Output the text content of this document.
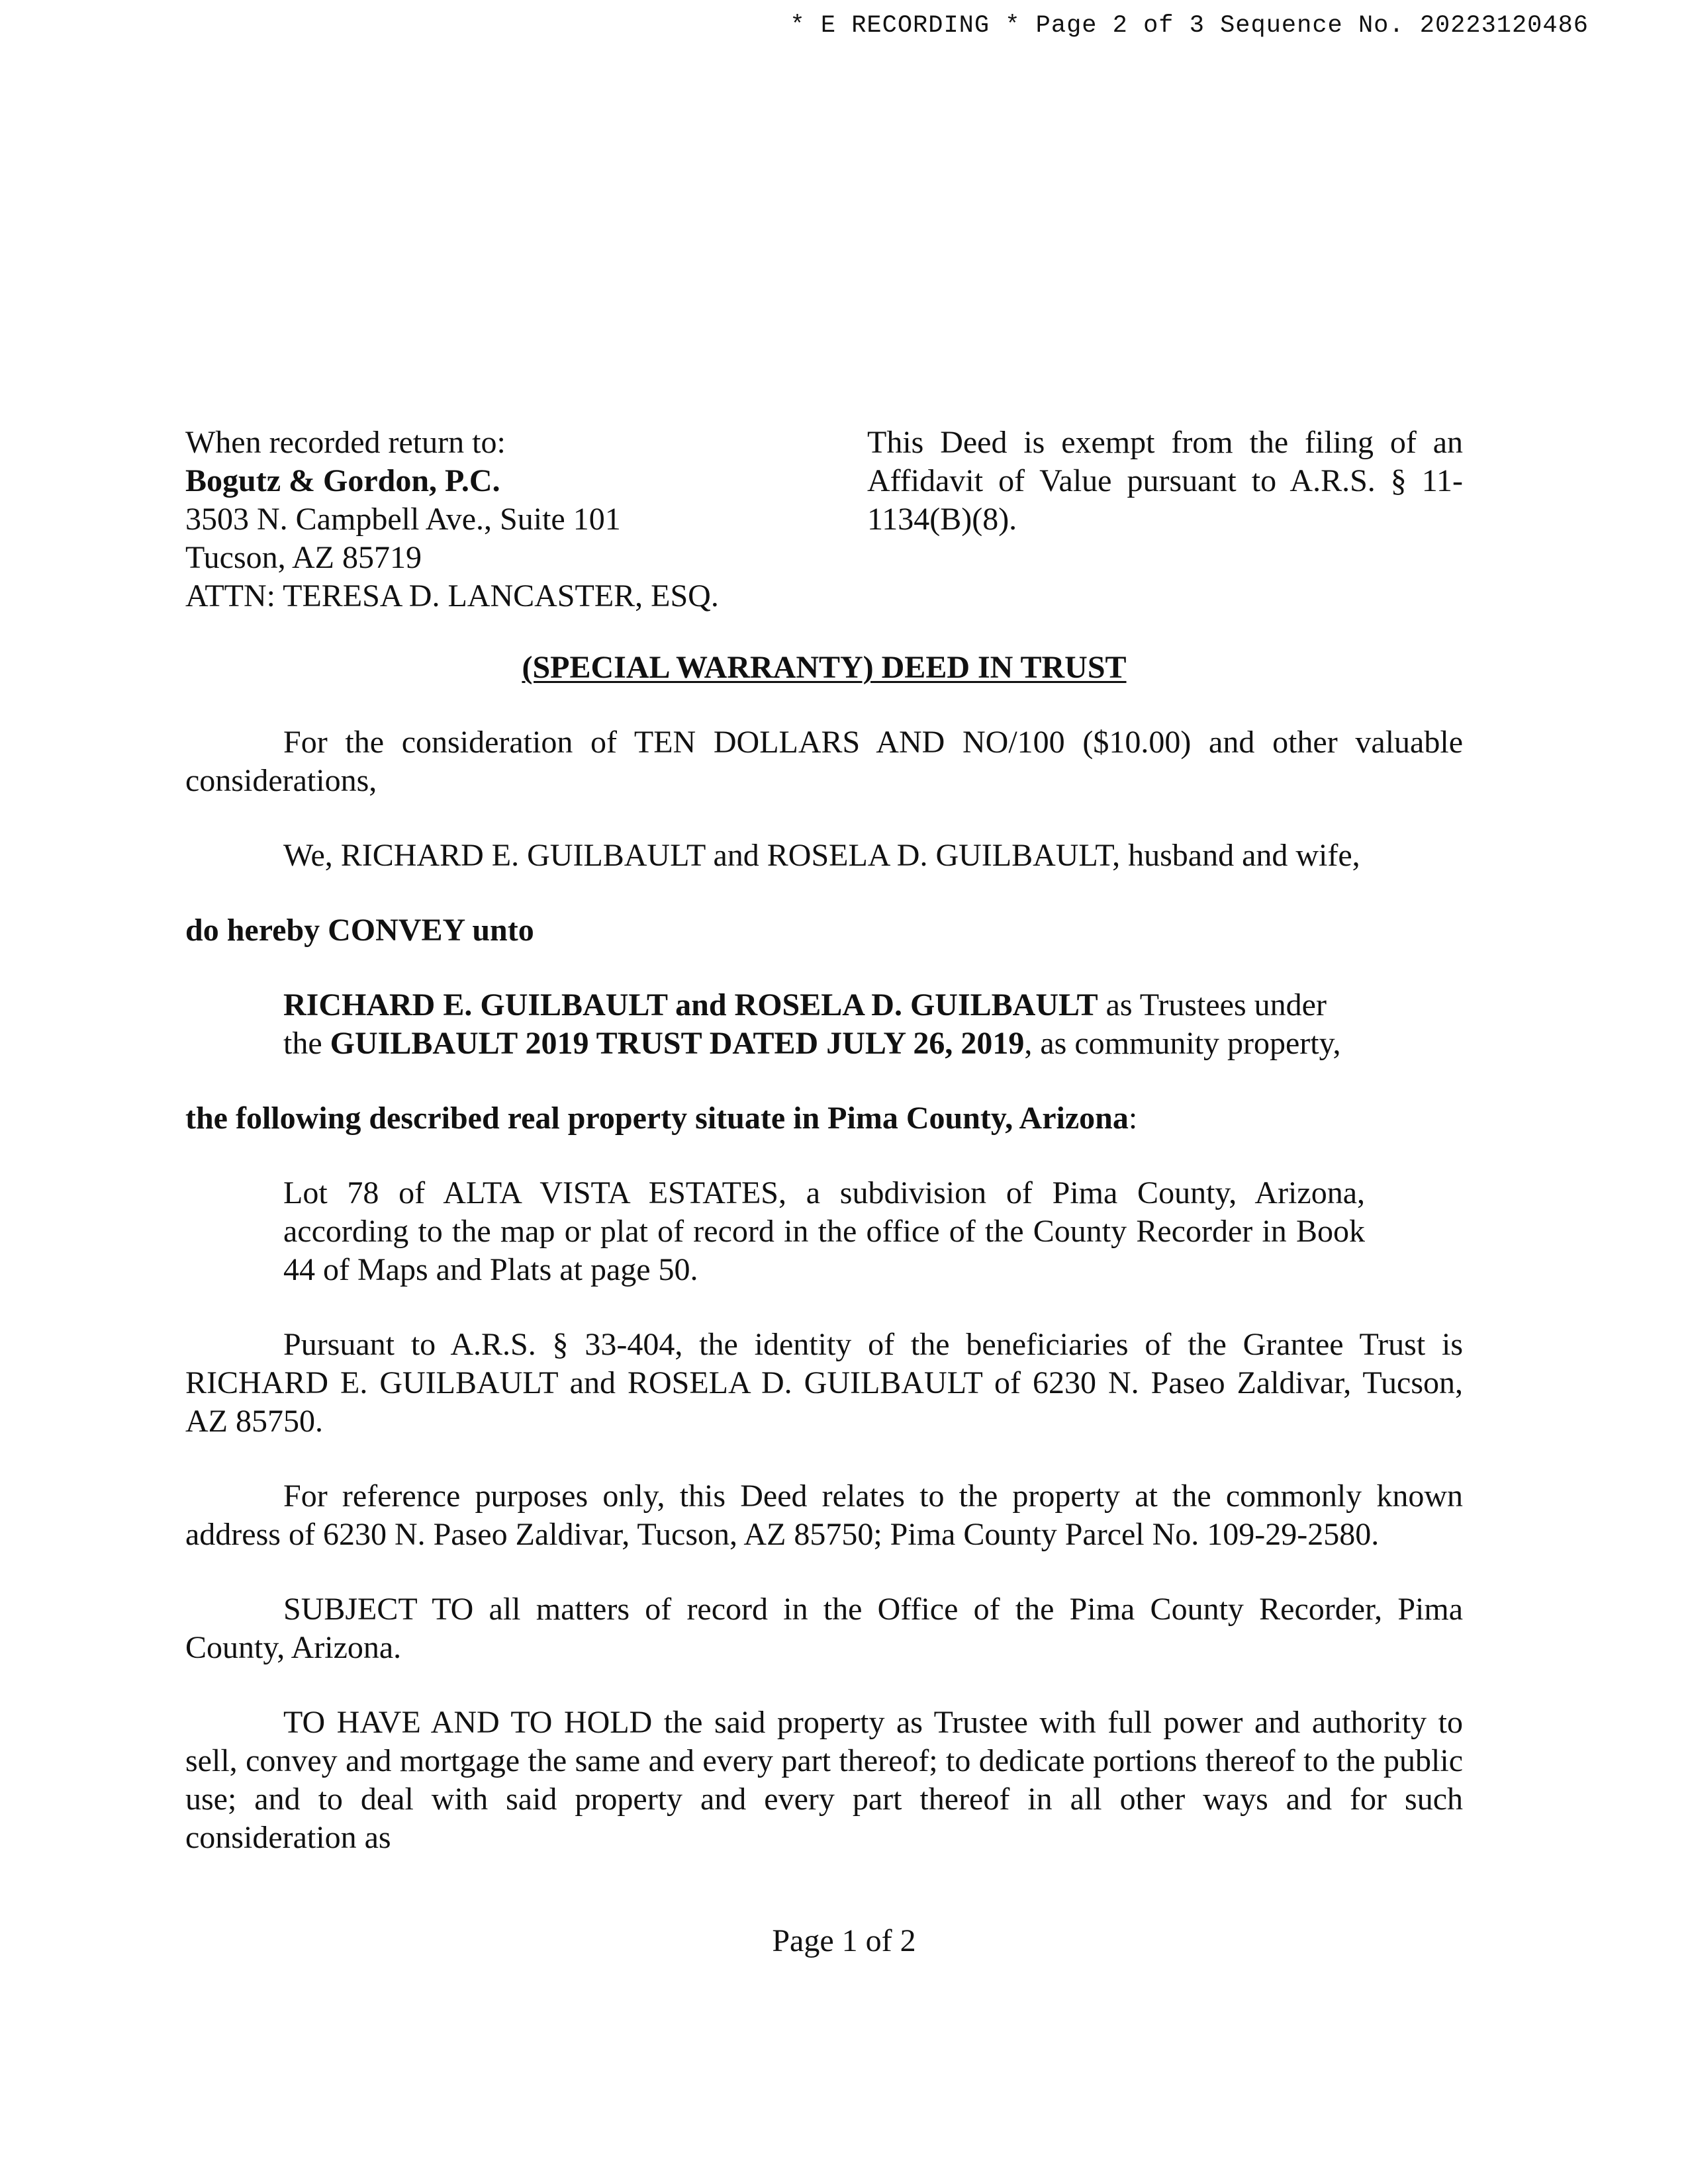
* E RECORDING * Page 2 of 3 Sequence No. 20223120486
When recorded return to:
Bogutz & Gordon, P.C.
3503 N. Campbell Ave., Suite 101
Tucson, AZ 85719
ATTN: TERESA D. LANCASTER, ESQ.
This Deed is exempt from the filing of an Affidavit of Value pursuant to A.R.S. § 11-1134(B)(8).
(SPECIAL WARRANTY) DEED IN TRUST

For the consideration of TEN DOLLARS AND NO/100 ($10.00) and other valuable considerations,

We, RICHARD E. GUILBAULT and ROSELA D. GUILBAULT, husband and wife,

do hereby CONVEY unto

RICHARD E. GUILBAULT and ROSELA D. GUILBAULT as Trustees under the GUILBAULT 2019 TRUST DATED JULY 26, 2019, as community property,

the following described real property situate in Pima County, Arizona:

Lot 78 of ALTA VISTA ESTATES, a subdivision of Pima County, Arizona, according to the map or plat of record in the office of the County Recorder in Book 44 of Maps and Plats at page 50.

Pursuant to A.R.S. § 33-404, the identity of the beneficiaries of the Grantee Trust is RICHARD E. GUILBAULT and ROSELA D. GUILBAULT of 6230 N. Paseo Zaldivar, Tucson, AZ 85750.

For reference purposes only, this Deed relates to the property at the commonly known address of 6230 N. Paseo Zaldivar, Tucson, AZ 85750; Pima County Parcel No. 109-29-2580.

SUBJECT TO all matters of record in the Office of the Pima County Recorder, Pima County, Arizona.

TO HAVE AND TO HOLD the said property as Trustee with full power and authority to sell, convey and mortgage the same and every part thereof; to dedicate portions thereof to the public use; and to deal with said property and every part thereof in all other ways and for such consideration as

Page 1 of 2
